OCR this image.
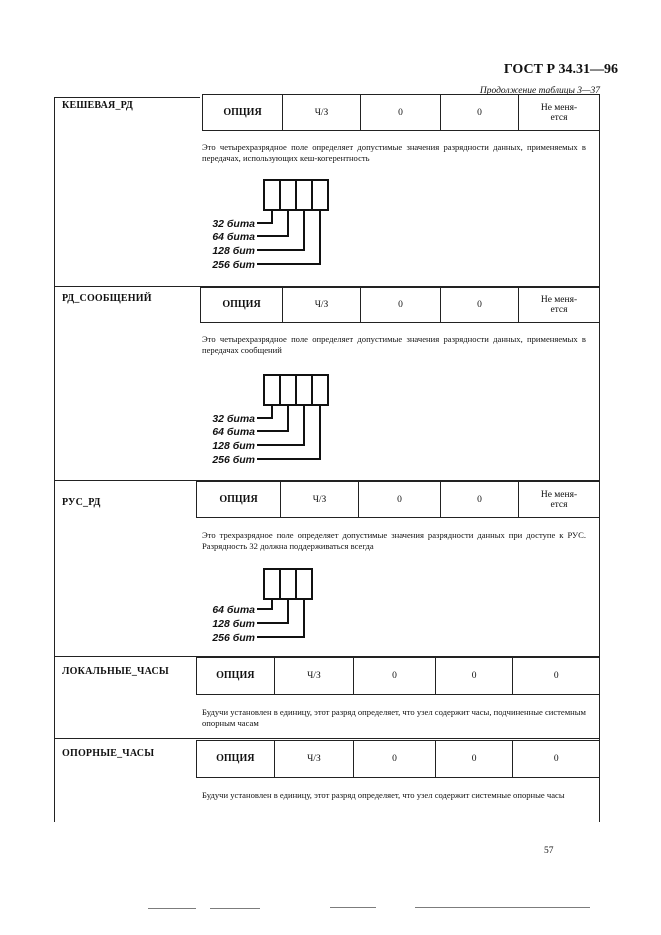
ГОСТ Р 34.31—96
Продолжение таблицы 3—37
КЕШЕВАЯ_РД
ОПЦИЯ	Ч/З	0	0	Не меня-
ется
Это четырехразрядное поле определяет допустимые значения разрядности данных, применяемых в передачах, использующих кеш-когерентность
32 бита
64 бита
128 бит
256 бит
РД_СООБЩЕНИЙ
ОПЦИЯ	Ч/З	0	0	Не меня-
ется
Это четырехразрядное поле определяет допустимые значения разрядности данных, применяемых в передачах сообщений
32 бита
64 бита
128 бит
256 бит
РУС_РД	ОПЦИЯ	Ч/З	0	0	Не меня-
ется
Это трехразрядное поле определяет допустимые значения разрядности данных при доступе к РУС. Разрядность 32 должна поддерживаться всегда
64 бита
128 бит
256 бит
ЛОКАЛЬНЫЕ_ЧАСЫ	ОПЦИЯ	Ч/З	0	0	0
Будучи установлен в единицу, этот разряд определяет, что узел содержит часы, подчиненные системным опорным часам
ОПОРНЫЕ_ЧАСЫ	ОПЦИЯ	Ч/З	0	0	0
Будучи установлен в единицу, этот разряд определяет, что узел содержит системные опорные часы
57
